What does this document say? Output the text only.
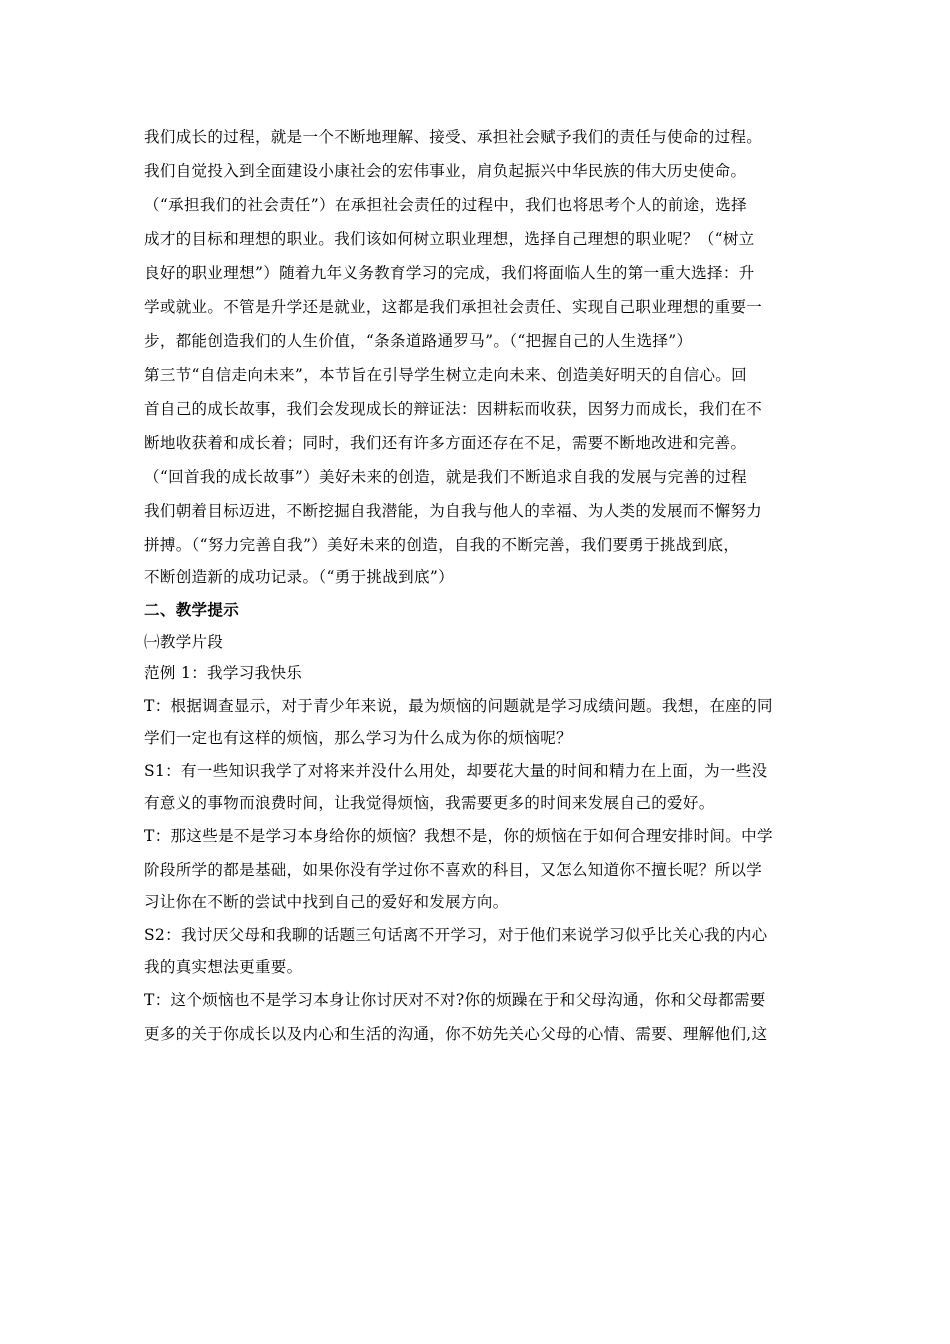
我们成长的过程，就是一个不断地理解、接受、承担社会赋予我们的责任与使命的过程。
我们自觉投入到全面建设小康社会的宏伟事业，肩负起振兴中华民族的伟大历史使命。
（“承担我们的社会责任”）在承担社会责任的过程中，我们也将思考个人的前途，选择
成才的目标和理想的职业。我们该如何树立职业理想，选择自己理想的职业呢？（“树立
良好的职业理想”）随着九年义务教育学习的完成，我们将面临人生的第一重大选择：升
学或就业。不管是升学还是就业，这都是我们承担社会责任、实现自己职业理想的重要一
步，都能创造我们的人生价值，“条条道路通罗马”。（“把握自己的人生选择”）
第三节“自信走向未来”，本节旨在引导学生树立走向未来、创造美好明天的自信心。回
首自己的成长故事，我们会发现成长的辩证法：因耕耘而收获，因努力而成长，我们在不
断地收获着和成长着；同时，我们还有许多方面还存在不足，需要不断地改进和完善。
（“回首我的成长故事”）美好未来的创造，就是我们不断追求自我的发展与完善的过程
我们朝着目标迈进，不断挖掘自我潜能，为自我与他人的幸福、为人类的发展而不懈努力
拼搏。（“努力完善自我”）美好未来的创造，自我的不断完善，我们要勇于挑战到底，
不断创造新的成功记录。（“勇于挑战到底”）
二、教学提示
㈠教学片段
范例 1：我学习我快乐
T：根据调查显示，对于青少年来说，最为烦恼的问题就是学习成绩问题。我想，在座的同
学们一定也有这样的烦恼，那么学习为什么成为你的烦恼呢？
S1：有一些知识我学了对将来并没什么用处，却要花大量的时间和精力在上面，为一些没
有意义的事物而浪费时间，让我觉得烦恼，我需要更多的时间来发展自己的爱好。
T：那这些是不是学习本身给你的烦恼？我想不是，你的烦恼在于如何合理安排时间。中学
阶段所学的都是基础，如果你没有学过你不喜欢的科目，又怎么知道你不擅长呢？所以学
习让你在不断的尝试中找到自己的爱好和发展方向。
S2：我讨厌父母和我聊的话题三句话离不开学习，对于他们来说学习似乎比关心我的内心
我的真实想法更重要。
T：这个烦恼也不是学习本身让你讨厌对不对?你的烦躁在于和父母沟通，你和父母都需要
更多的关于你成长以及内心和生活的沟通，你不妨先关心父母的心情、需要、理解他们,这
